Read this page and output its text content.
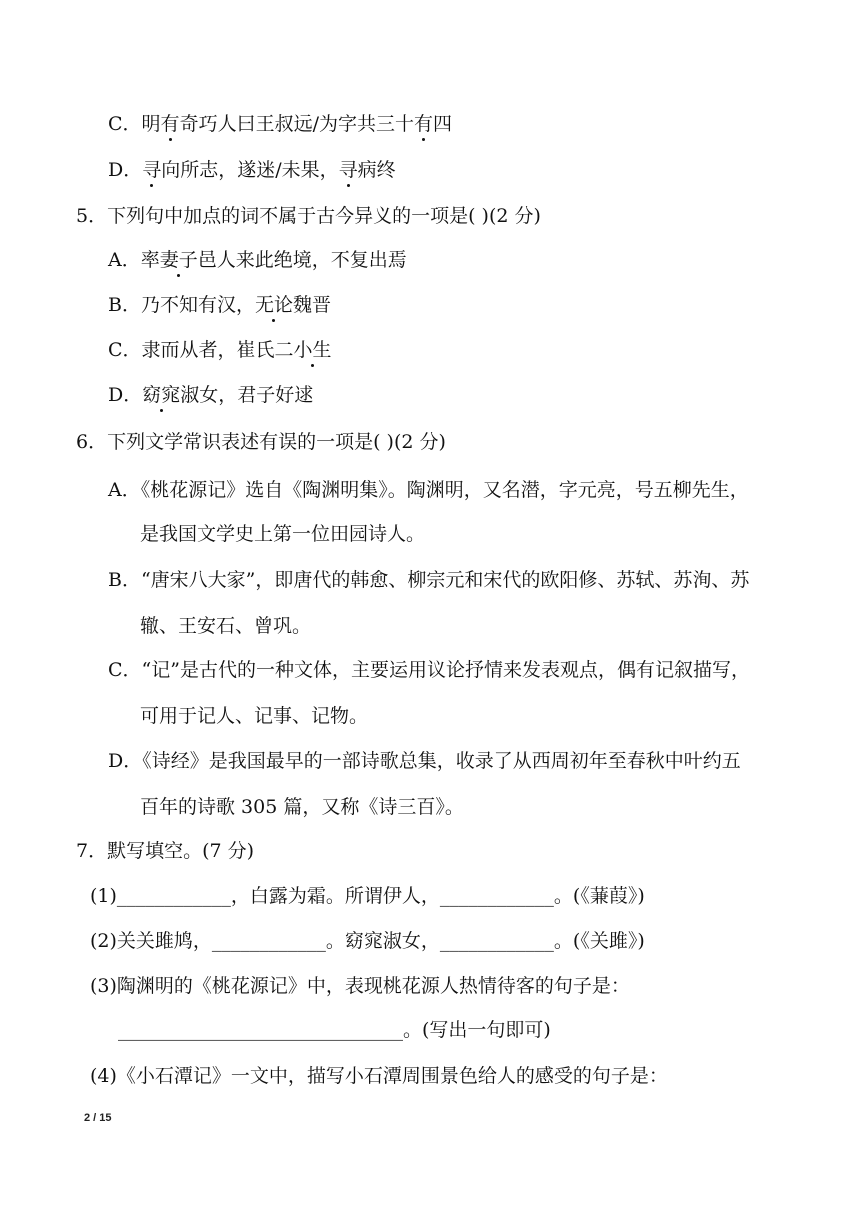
C．明有奇巧人曰王叔远/为字共三十有四
D．寻向所志，遂迷/未果，寻病终
5．下列句中加点的词不属于古今异义的一项是( )(2 分)
A．率妻子邑人来此绝境，不复出焉
B．乃不知有汉，无论魏晋
C．隶而从者，崔氏二小生
D．窈窕淑女，君子好逑
6．下列文学常识表述有误的一项是( )(2 分)
A．《桃花源记》选自《陶渊明集》。陶渊明，又名潜，字元亮，号五柳先生，
是我国文学史上第一位田园诗人。
B．“唐宋八大家”，即唐代的韩愈、柳宗元和宋代的欧阳修、苏轼、苏洵、苏
辙、王安石、曾巩。
C．“记”是古代的一种文体，主要运用议论抒情来发表观点，偶有记叙描写，
可用于记人、记事、记物。
D．《诗经》是我国最早的一部诗歌总集，收录了从西周初年至春秋中叶约五
百年的诗歌 305 篇，又称《诗三百》。
7．默写填空。(7 分)
(1)____________，白露为霜。所谓伊人，____________。(《蒹葭》)
(2)关关雎鸠，____________。窈窕淑女，____________。(《关雎》)
(3)陶渊明的《桃花源记》中，表现桃花源人热情待客的句子是：
______________________________。(写出一句即可)
(4)《小石潭记》一文中，描写小石潭周围景色给人的感受的句子是：
2 / 15
